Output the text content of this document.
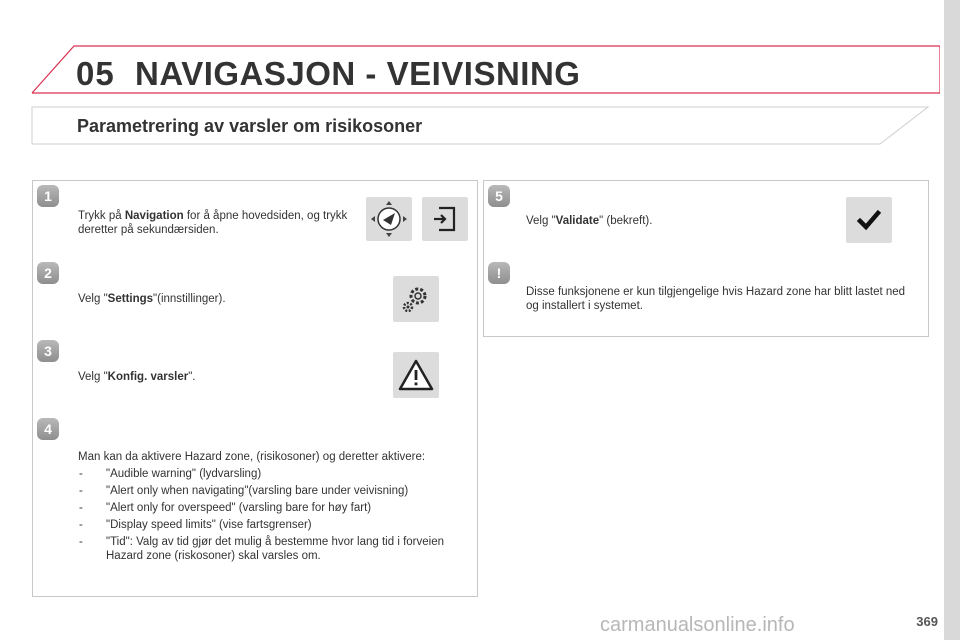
05 NAVIGASJON - VEIVISNING
Parametrering av varsler om risikosoner
1
Trykk på Navigation for å åpne hovedsiden, og trykk deretter på sekundærsiden.
2
Velg "Settings"(innstillinger).
3
Velg "Konfig. varsler".
4
Man kan da aktivere Hazard zone, (risikosoner) og deretter aktivere:
- "Audible warning" (lydvarsling)
- "Alert only when navigating"(varsling bare under veivisning)
- "Alert only for overspeed" (varsling bare for høy fart)
- "Display speed limits" (vise fartsgrenser)
- "Tid": Valg av tid gjør det mulig å bestemme hvor lang tid i forveien Hazard zone (riskosoner) skal varsles om.
5
Velg "Validate" (bekreft).
!
Disse funksjonene er kun tilgjengelige hvis Hazard zone har blitt lastet ned og installert i systemet.
carmanualsonline.info	369
